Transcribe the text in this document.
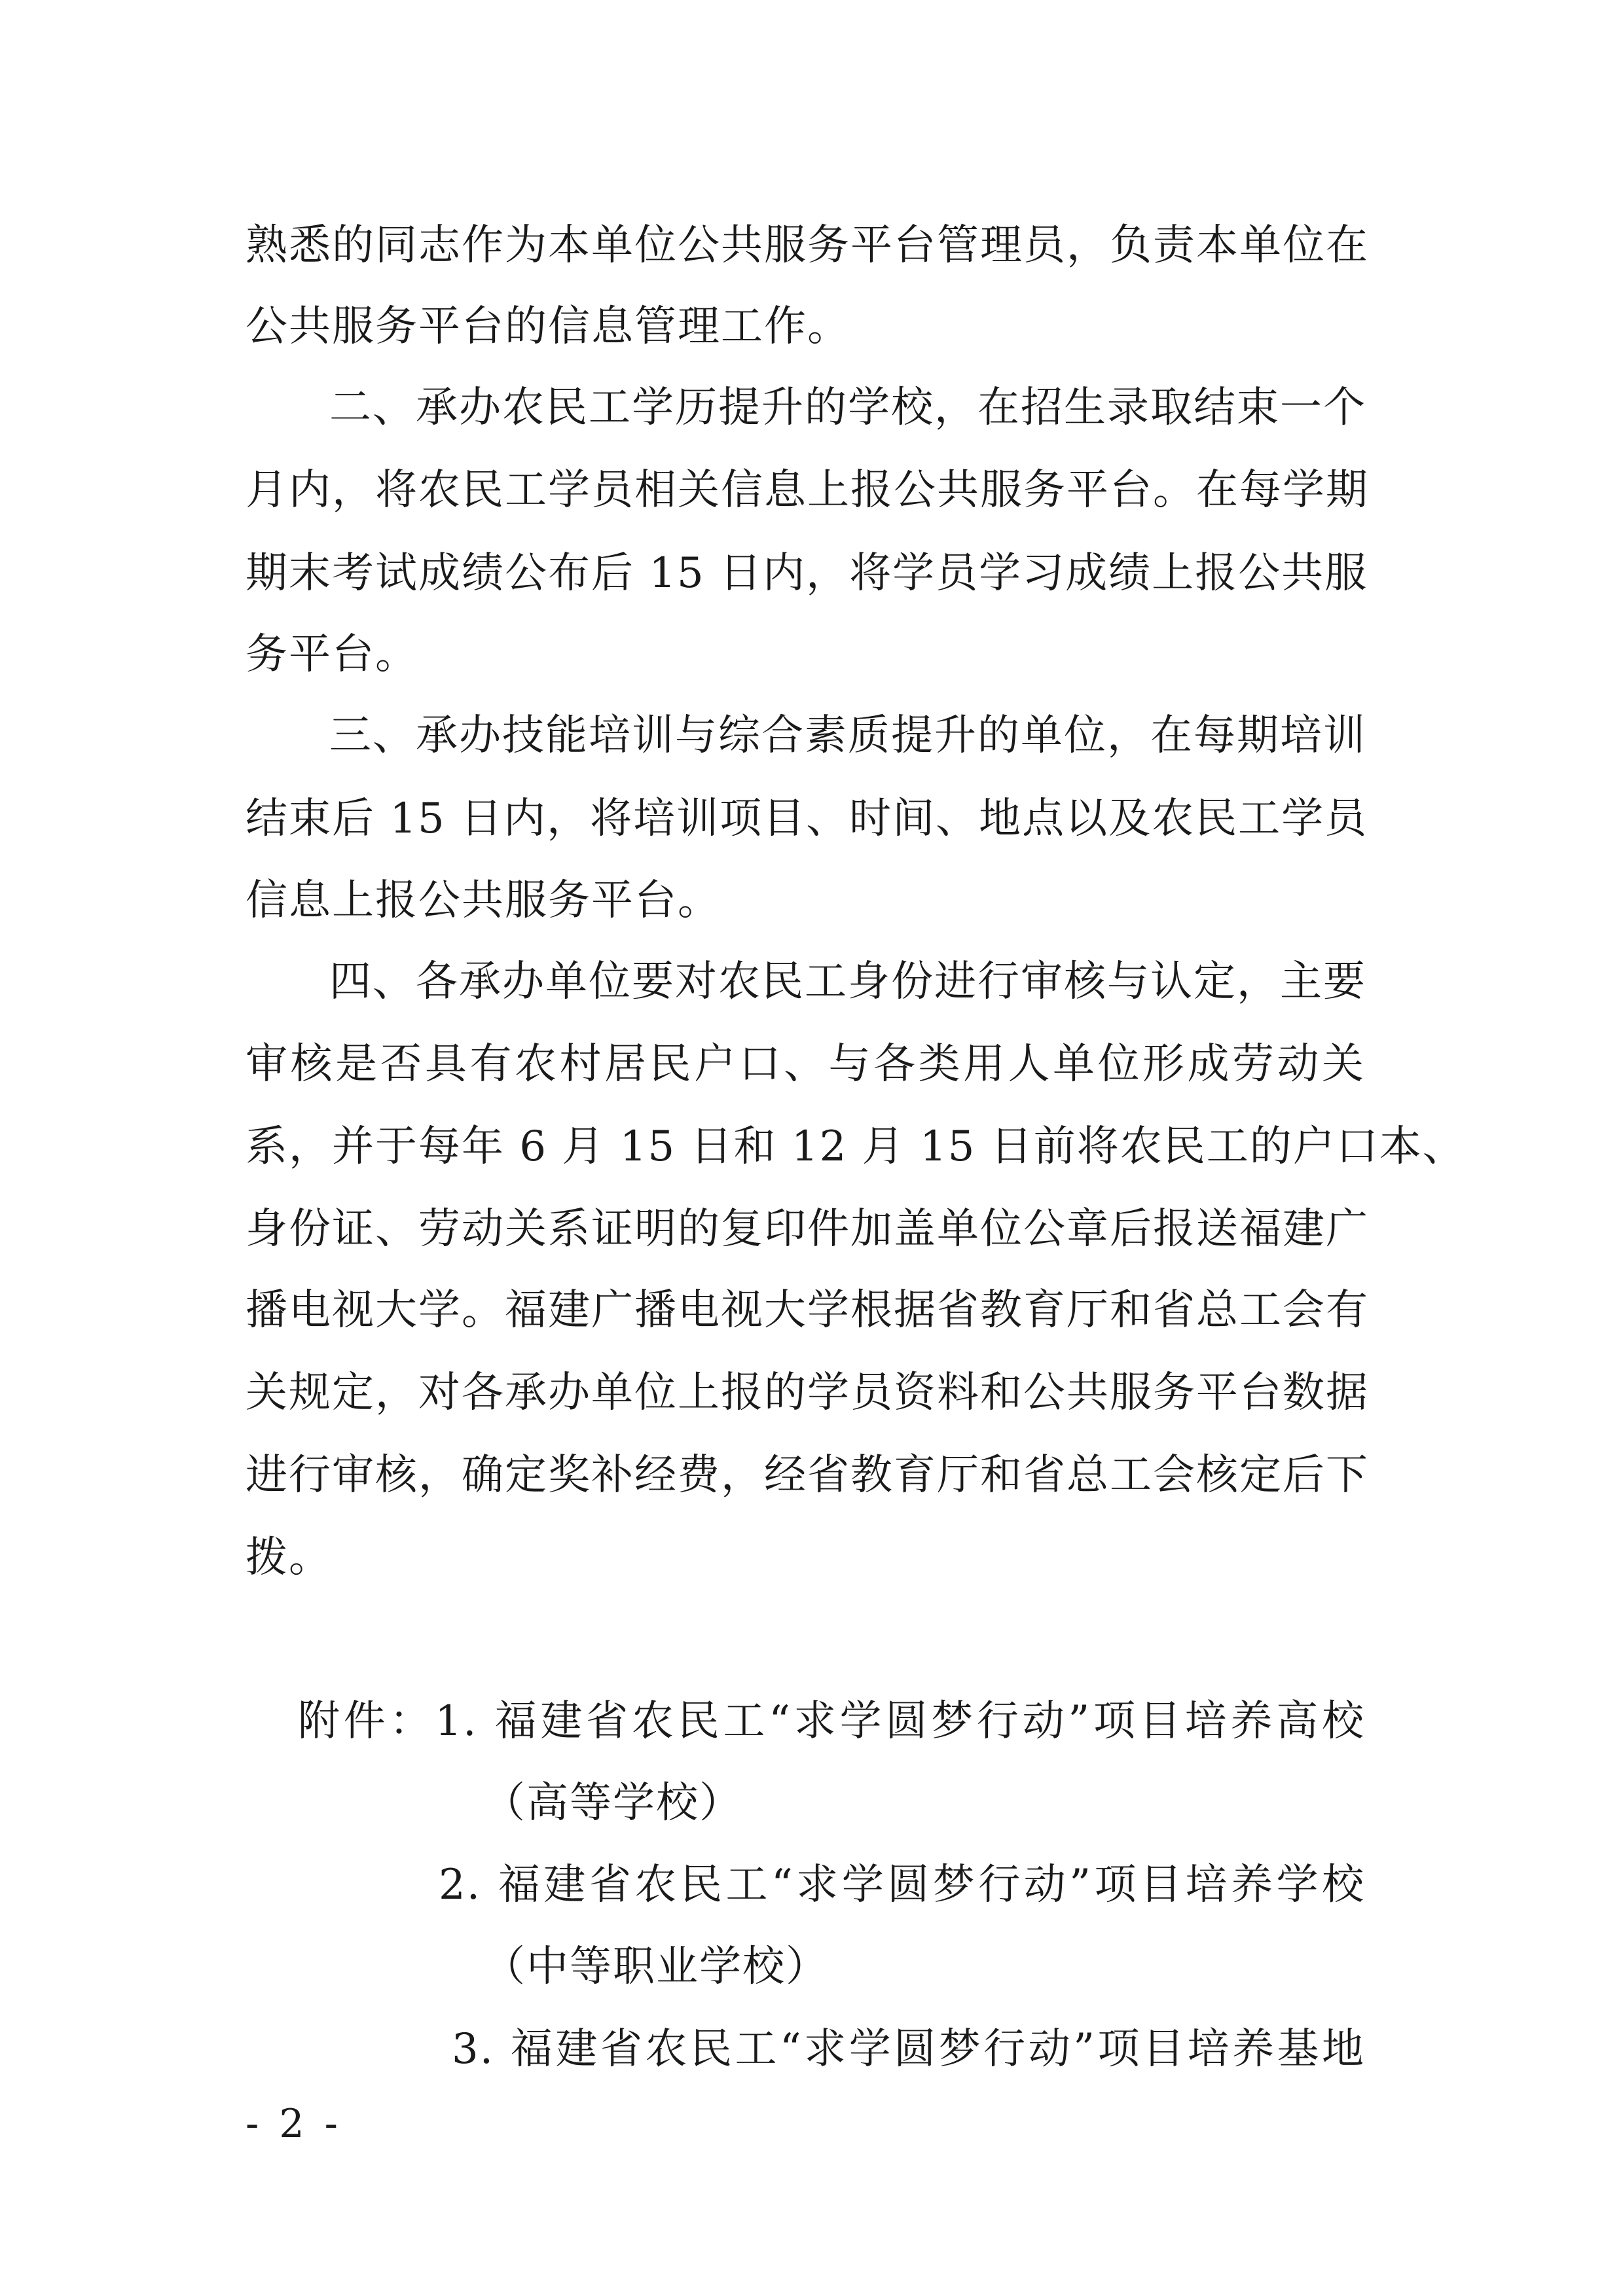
熟悉的同志作为本单位公共服务平台管理员，负责本单位在
公共服务平台的信息管理工作。
二、承办农民工学历提升的学校，在招生录取结束一个
月内，将农民工学员相关信息上报公共服务平台。在每学期
期末考试成绩公布后 15 日内，将学员学习成绩上报公共服
务平台。
三、承办技能培训与综合素质提升的单位，在每期培训
结束后 15 日内，将培训项目、时间、地点以及农民工学员
信息上报公共服务平台。
四、各承办单位要对农民工身份进行审核与认定，主要
审核是否具有农村居民户口、与各类用人单位形成劳动关
系，并于每年 6 月 15 日和 12 月 15 日前将农民工的户口本、
身份证、劳动关系证明的复印件加盖单位公章后报送福建广
播电视大学。福建广播电视大学根据省教育厅和省总工会有
关规定，对各承办单位上报的学员资料和公共服务平台数据
进行审核，确定奖补经费，经省教育厅和省总工会核定后下
拨。
附件：1. 福建省农民工“求学圆梦行动”项目培养高校
（高等学校）
2. 福建省农民工“求学圆梦行动”项目培养学校
（中等职业学校）
3. 福建省农民工“求学圆梦行动”项目培养基地
- 2 -
